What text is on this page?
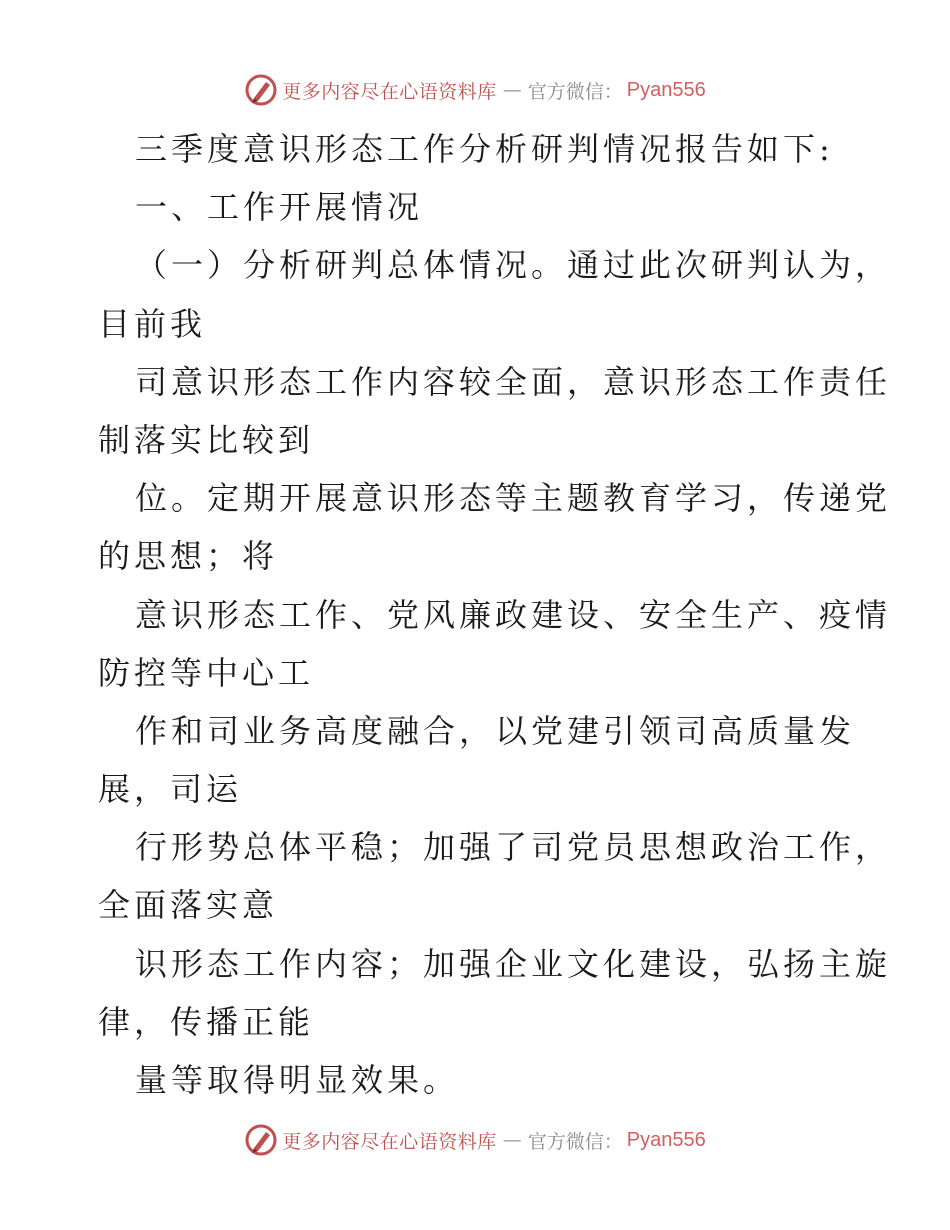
更多内容尽在心语资料库 — 官方微信： Pyan556
三季度意识形态工作分析研判情况报告如下:
一、工作开展情况
（一）分析研判总体情况。通过此次研判认为，
目前我
司意识形态工作内容较全面，意识形态工作责任
制落实比较到
位。定期开展意识形态等主题教育学习，传递党
的思想；将
意识形态工作、党风廉政建设、安全生产、疫情
防控等中心工
作和司业务高度融合，以党建引领司高质量发
展，司运
行形势总体平稳；加强了司党员思想政治工作，
全面落实意
识形态工作内容；加强企业文化建设，弘扬主旋
律，传播正能
量等取得明显效果。
更多内容尽在心语资料库 — 官方微信： Pyan556
